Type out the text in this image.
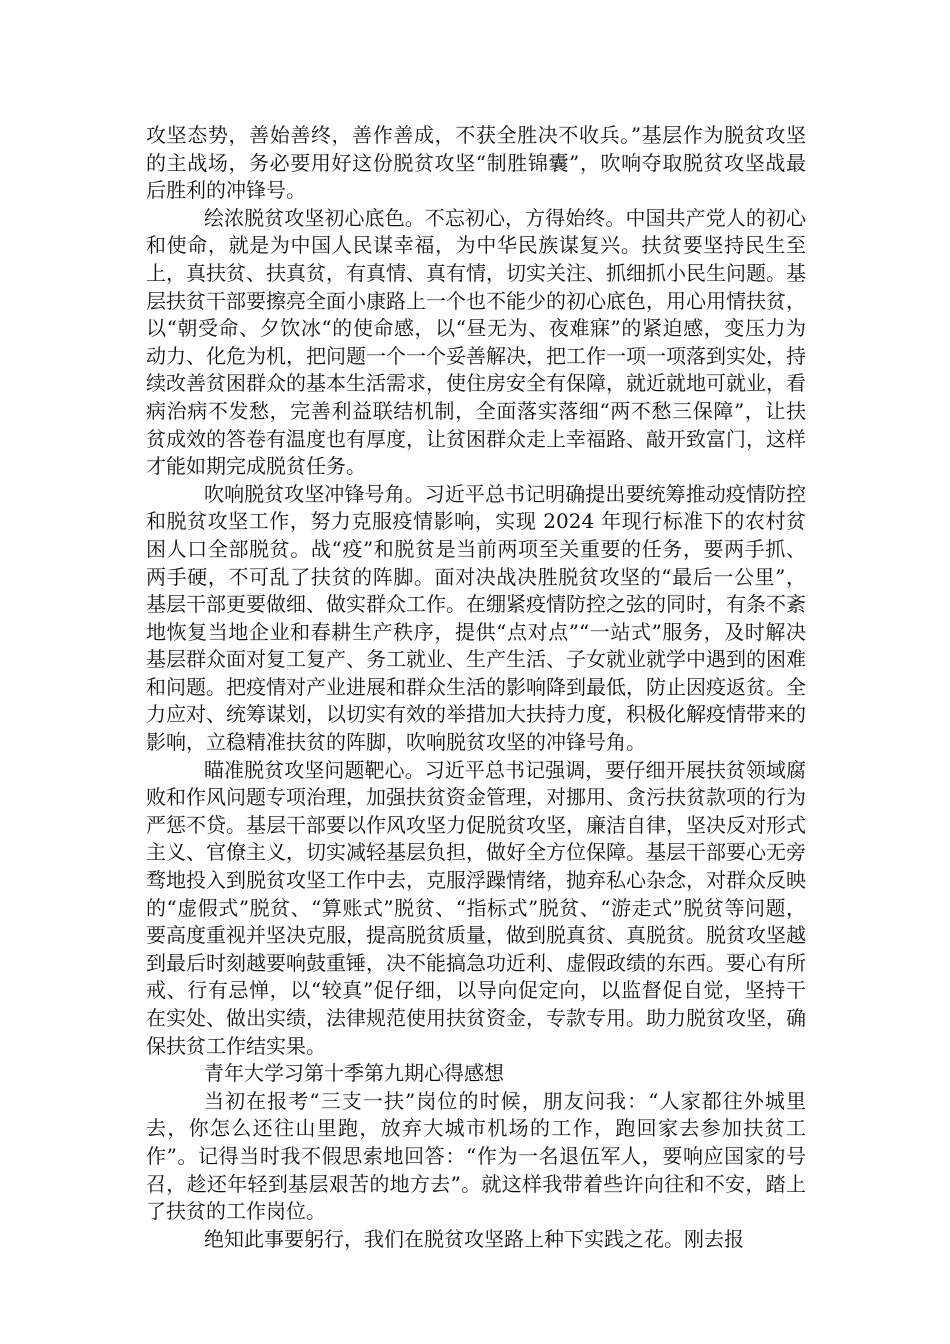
攻坚态势，善始善终，善作善成，不获全胜决不收兵。”基层作为脱贫攻坚的主战场，务必要用好这份脱贫攻坚“制胜锦囊”，吹响夺取脱贫攻坚战最后胜利的冲锋号。

绘浓脱贫攻坚初心底色。不忘初心，方得始终。中国共产党人的初心和使命，就是为中国人民谋幸福，为中华民族谋复兴。扶贫要坚持民生至上，真扶贫、扶真贫，有真情、真有情，切实关注、抓细抓小民生问题。基层扶贫干部要擦亮全面小康路上一个也不能少的初心底色，用心用情扶贫，以“朝受命、夕饮冰“的使命感，以“昼无为、夜难寐”的紧迫感，变压力为动力、化危为机，把问题一个一个妥善解决，把工作一项一项落到实处，持续改善贫困群众的基本生活需求，使住房安全有保障，就近就地可就业，看病治病不发愁，完善利益联结机制，全面落实落细“两不愁三保障”，让扶贫成效的答卷有温度也有厚度，让贫困群众走上幸福路、敲开致富门，这样才能如期完成脱贫任务。

吹响脱贫攻坚冲锋号角。习近平总书记明确提出要统筹推动疫情防控和脱贫攻坚工作，努力克服疫情影响，实现 2024 年现行标准下的农村贫困人口全部脱贫。战“疫”和脱贫是当前两项至关重要的任务，要两手抓、两手硬，不可乱了扶贫的阵脚。面对决战决胜脱贫攻坚的“最后一公里”，基层干部更要做细、做实群众工作。在绷紧疫情防控之弦的同时，有条不紊地恢复当地企业和春耕生产秩序，提供“点对点”“一站式”服务，及时解决基层群众面对复工复产、务工就业、生产生活、子女就业就学中遇到的困难和问题。把疫情对产业进展和群众生活的影响降到最低，防止因疫返贫。全力应对、统筹谋划，以切实有效的举措加大扶持力度，积极化解疫情带来的影响，立稳精准扶贫的阵脚，吹响脱贫攻坚的冲锋号角。

瞄准脱贫攻坚问题靶心。习近平总书记强调，要仔细开展扶贫领域腐败和作风问题专项治理，加强扶贫资金管理，对挪用、贪污扶贫款项的行为严惩不贷。基层干部要以作风攻坚力促脱贫攻坚，廉洁自律，坚决反对形式主义、官僚主义，切实减轻基层负担，做好全方位保障。基层干部要心无旁骛地投入到脱贫攻坚工作中去，克服浮躁情绪，抛弃私心杂念，对群众反映的“虚假式”脱贫、“算账式”脱贫、“指标式”脱贫、“游走式”脱贫等问题，要高度重视并坚决克服，提高脱贫质量，做到脱真贫、真脱贫。脱贫攻坚越到最后时刻越要响鼓重锤，决不能搞急功近利、虚假政绩的东西。要心有所戒、行有忌惮，以“较真”促仔细，以导向促定向，以监督促自觉，坚持干在实处、做出实绩，法律规范使用扶贫资金，专款专用。助力脱贫攻坚，确保扶贫工作结实果。

青年大学习第十季第九期心得感想

当初在报考“三支一扶”岗位的时候，朋友问我：“人家都往外城里去，你怎么还往山里跑，放弃大城市机场的工作，跑回家去参加扶贫工作”。记得当时我不假思索地回答：“作为一名退伍军人，要响应国家的号召，趁还年轻到基层艰苦的地方去”。就这样我带着些许向往和不安，踏上了扶贫的工作岗位。

绝知此事要躬行，我们在脱贫攻坚路上种下实践之花。刚去报
